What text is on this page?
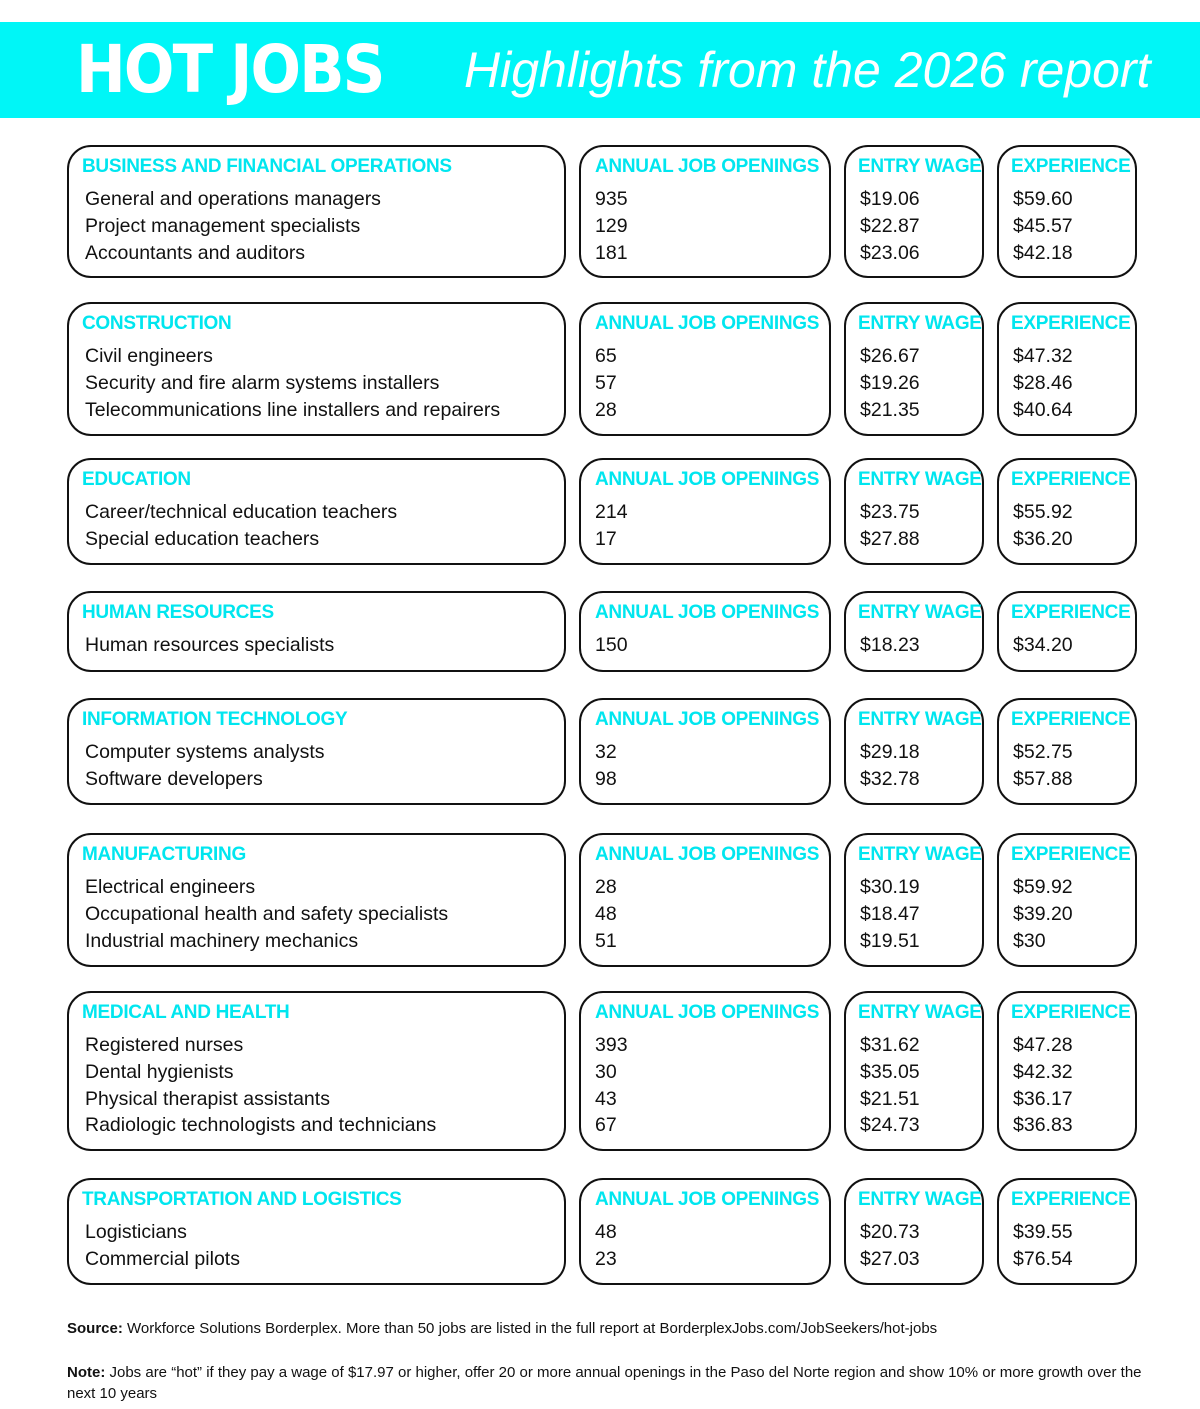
HOT JOBS	Highlights from the 2026 report
BUSINESS AND FINANCIAL OPERATIONS
General and operations managers
Project management specialists
Accountants and auditors
ANNUAL JOB OPENINGS
935
129
181
ENTRY WAGE
$19.06
$22.87
$23.06
EXPERIENCE
$59.60
$45.57
$42.18
CONSTRUCTION
Civil engineers
Security and fire alarm systems installers
Telecommunications line installers and repairers
ANNUAL JOB OPENINGS
65
57
28
ENTRY WAGE
$26.67
$19.26
$21.35
EXPERIENCE
$47.32
$28.46
$40.64
EDUCATION
Career/technical education teachers
Special education teachers
ANNUAL JOB OPENINGS
214
17
ENTRY WAGE
$23.75
$27.88
EXPERIENCE
$55.92
$36.20
HUMAN RESOURCES
Human resources specialists
ANNUAL JOB OPENINGS
150
ENTRY WAGE
$18.23
EXPERIENCE
$34.20
INFORMATION TECHNOLOGY
Computer systems analysts
Software developers
ANNUAL JOB OPENINGS
32
98
ENTRY WAGE
$29.18
$32.78
EXPERIENCE
$52.75
$57.88
MANUFACTURING
Electrical engineers
Occupational health and safety specialists
Industrial machinery mechanics
ANNUAL JOB OPENINGS
28
48
51
ENTRY WAGE
$30.19
$18.47
$19.51
EXPERIENCE
$59.92
$39.20
$30
MEDICAL AND HEALTH
Registered nurses
Dental hygienists
Physical therapist assistants
Radiologic technologists and technicians
ANNUAL JOB OPENINGS
393
30
43
67
ENTRY WAGE
$31.62
$35.05
$21.51
$24.73
EXPERIENCE
$47.28
$42.32
$36.17
$36.83
TRANSPORTATION AND LOGISTICS
Logisticians
Commercial pilots
ANNUAL JOB OPENINGS
48
23
ENTRY WAGE
$20.73
$27.03
EXPERIENCE
$39.55
$76.54
Source: Workforce Solutions Borderplex. More than 50 jobs are listed in the full report at BorderplexJobs.com/JobSeekers/hot-jobs
Note: Jobs are “hot” if they pay a wage of $17.97 or higher, offer 20 or more annual openings in the Paso del Norte region and show 10% or more growth over the next 10 years
